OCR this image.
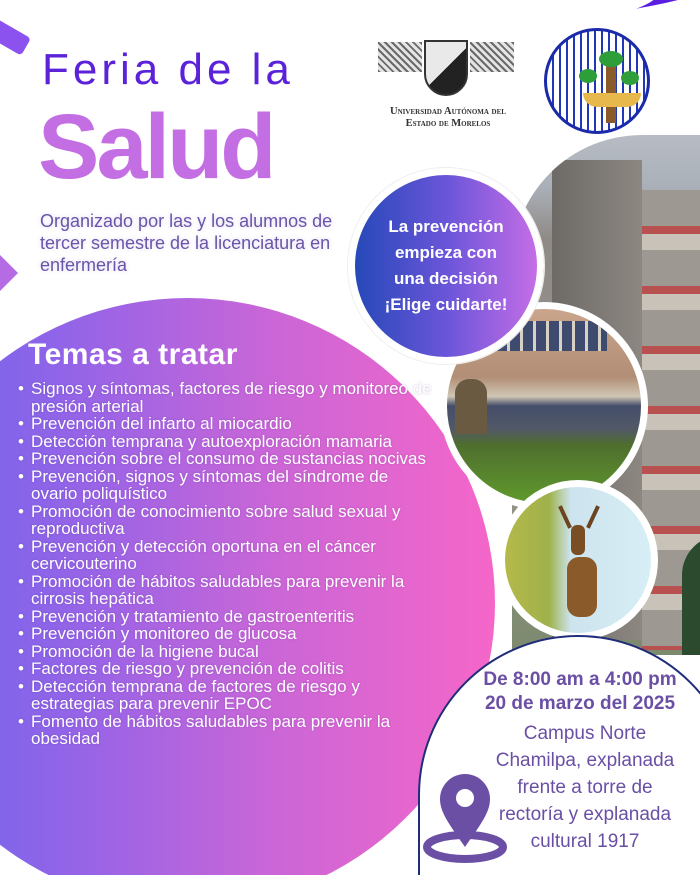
Feria de la
Salud
Organizado por las y los alumnos de tercer semestre de la licenciatura en enfermería
Universidad Autónoma del
Estado de Morelos
La prevención
empieza con
una decisión
¡Elige cuidarte!
Temas a tratar
• Signos y síntomas, factores de riesgo y monitoreo de presión arterial
• Prevención del infarto al miocardio
• Detección temprana y autoexploración mamaria
• Prevención sobre el consumo de sustancias nocivas
• Prevención, signos y síntomas del síndrome de ovario poliquístico
• Promoción de conocimiento sobre salud sexual y reproductiva
• Prevención y detección oportuna en el cáncer cervicouterino
• Promoción de hábitos saludables para prevenir la cirrosis hepática
• Prevención y tratamiento de gastroenteritis
• Prevención y monitoreo de glucosa
• Promoción de la higiene bucal
• Factores de riesgo y prevención de colitis
• Detección temprana de factores de riesgo y estrategias para prevenir EPOC
• Fomento de hábitos saludables para prevenir la obesidad
De 8:00 am a 4:00 pm
20 de marzo del 2025
Campus Norte
Chamilpa, explanada
frente a torre de
rectoría y explanada
cultural 1917
